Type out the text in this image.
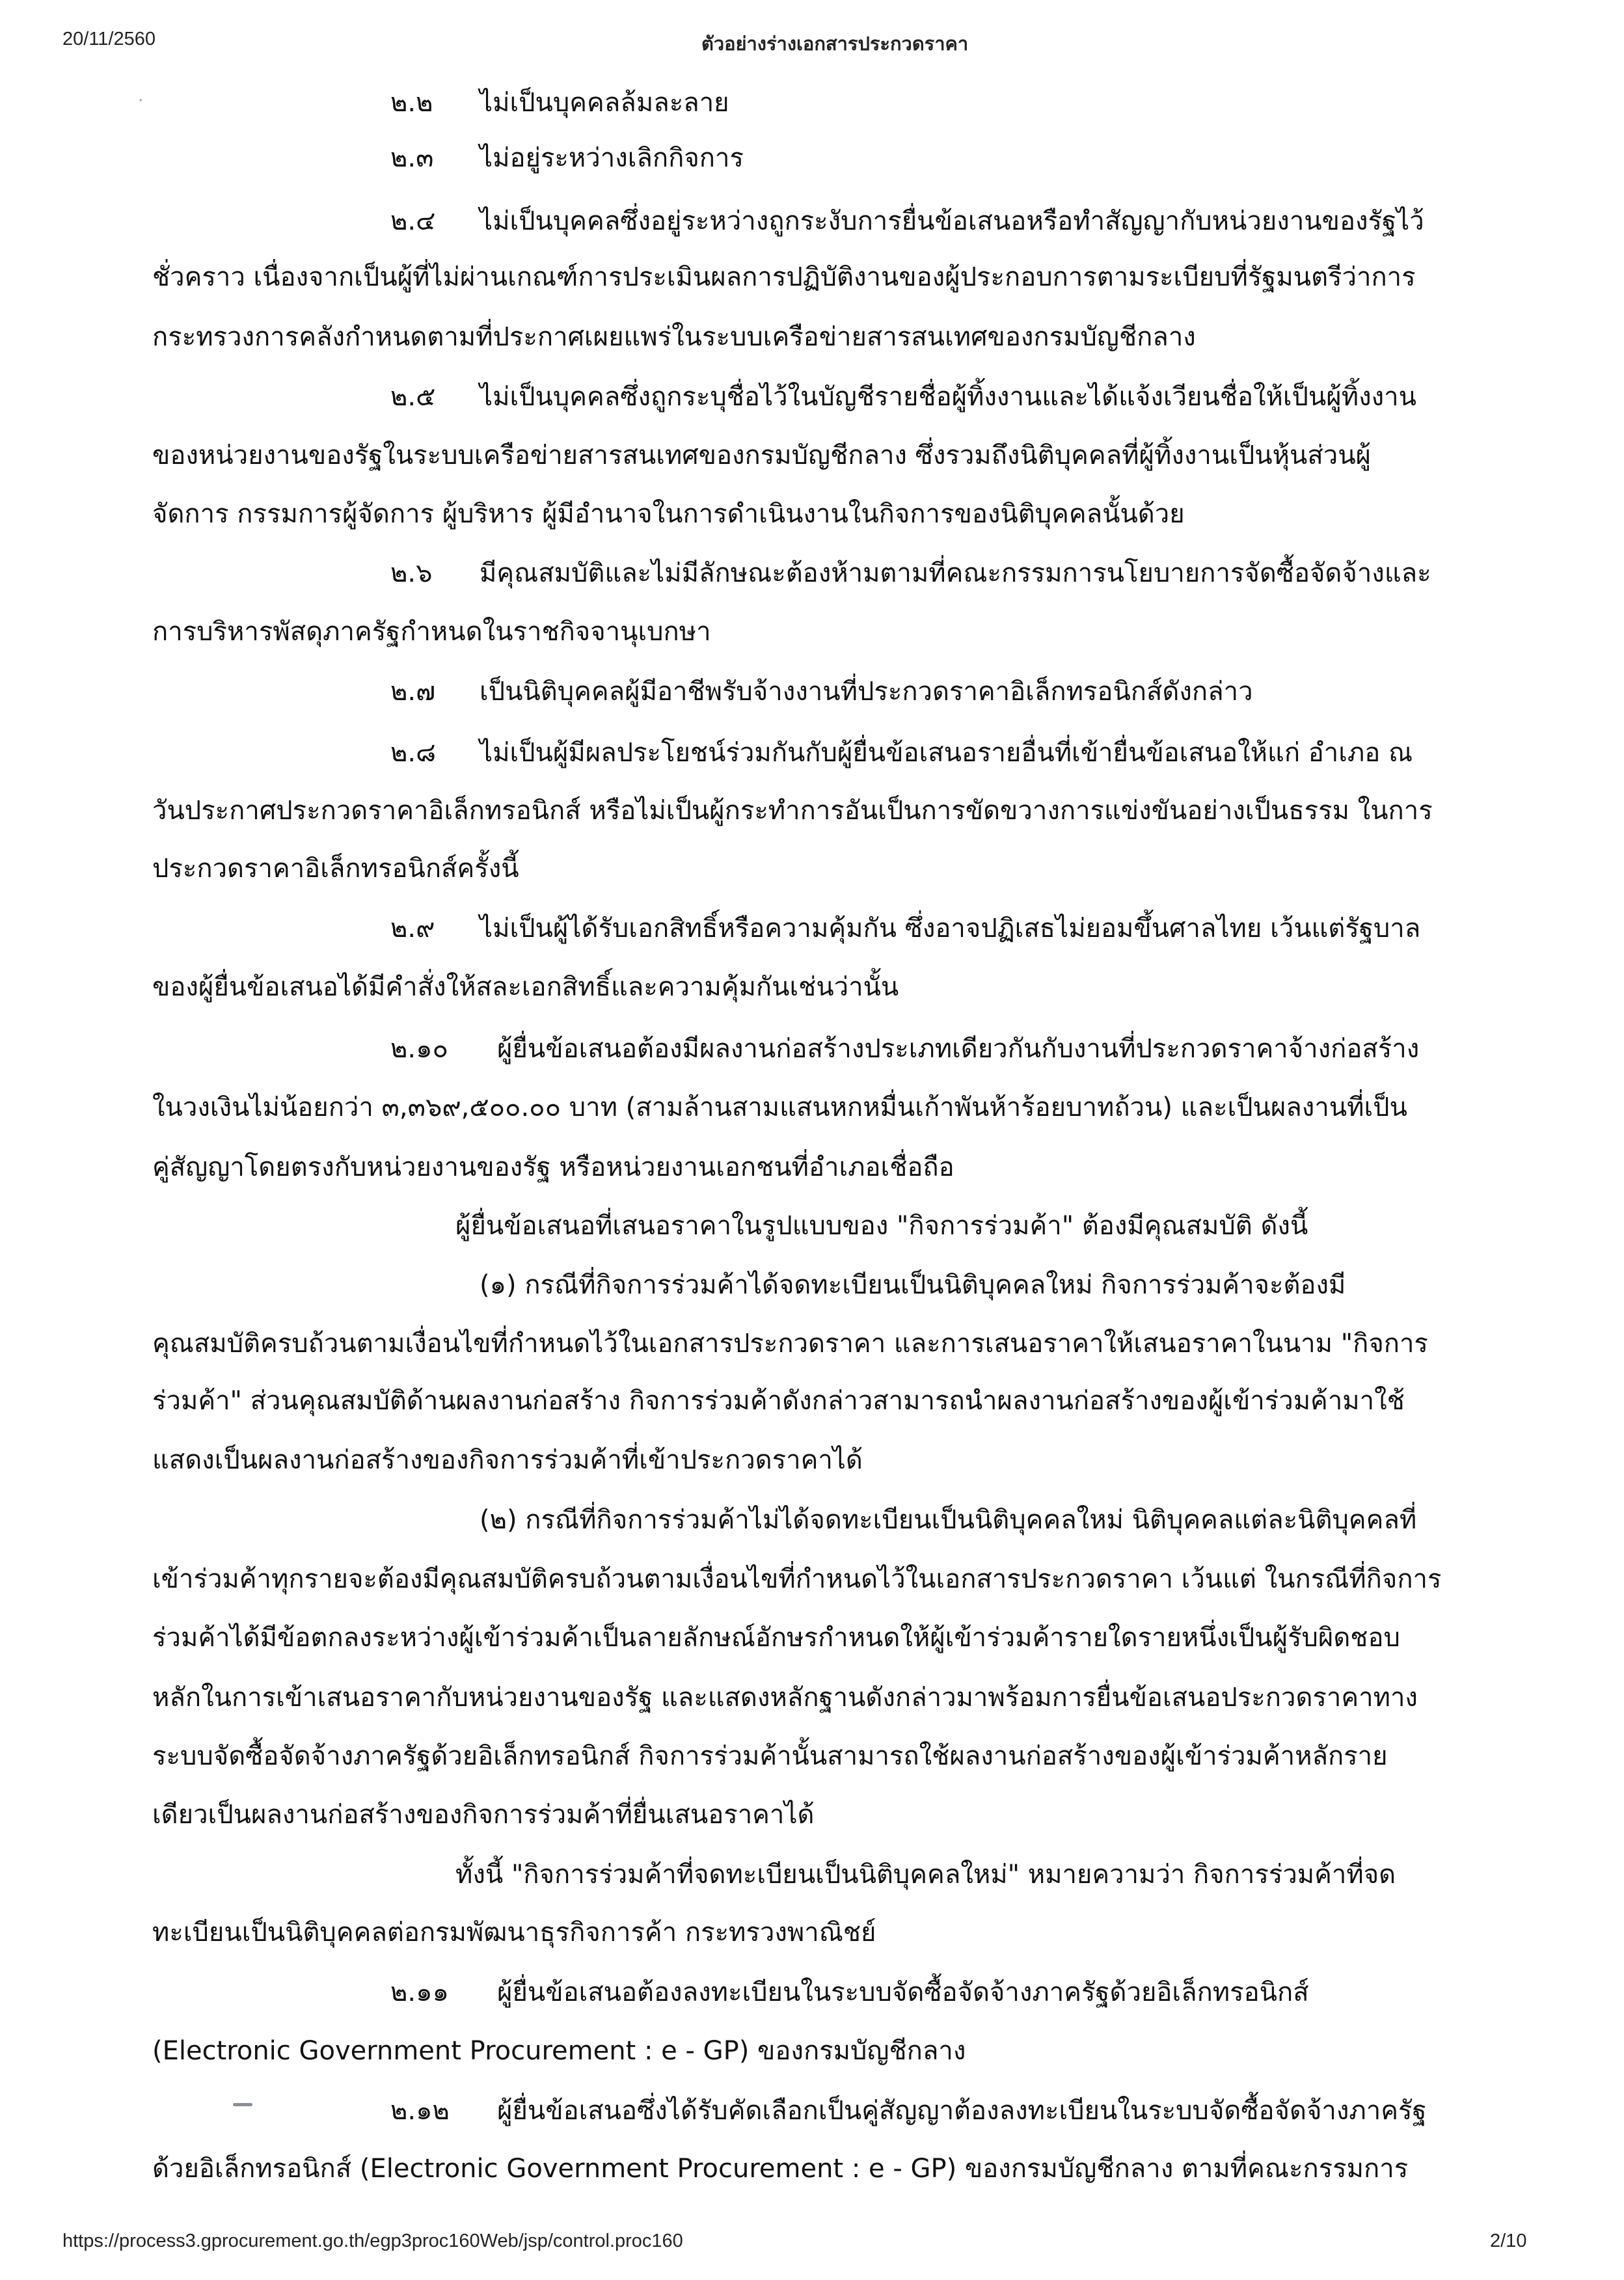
20/11/2560	ตัวอย่างร่างเอกสารประกวดราคา
·	๒.๒ ไม่เป็นบุคคลล้มละลาย
๒.๓ ไม่อยู่ระหว่างเลิกกิจการ
๒.๔ ไม่เป็นบุคคลซึ่งอยู่ระหว่างถูกระงับการยื่นข้อเสนอหรือทำสัญญากับหน่วยงานของรัฐไว้
ชั่วคราว เนื่องจากเป็นผู้ที่ไม่ผ่านเกณฑ์การประเมินผลการปฏิบัติงานของผู้ประกอบการตามระเบียบที่รัฐมนตรีว่าการ
กระทรวงการคลังกำหนดตามที่ประกาศเผยแพร่ในระบบเครือข่ายสารสนเทศของกรมบัญชีกลาง
๒.๕ ไม่เป็นบุคคลซึ่งถูกระบุชื่อไว้ในบัญชีรายชื่อผู้ทิ้งงานและได้แจ้งเวียนชื่อให้เป็นผู้ทิ้งงาน
ของหน่วยงานของรัฐในระบบเครือข่ายสารสนเทศของกรมบัญชีกลาง ซึ่งรวมถึงนิติบุคคลที่ผู้ทิ้งงานเป็นหุ้นส่วนผู้
จัดการ กรรมการผู้จัดการ ผู้บริหาร ผู้มีอำนาจในการดำเนินงานในกิจการของนิติบุคคลนั้นด้วย
๒.๖ มีคุณสมบัติและไม่มีลักษณะต้องห้ามตามที่คณะกรรมการนโยบายการจัดซื้อจัดจ้างและ
การบริหารพัสดุภาครัฐกำหนดในราชกิจจานุเบกษา
๒.๗ เป็นนิติบุคคลผู้มีอาชีพรับจ้างงานที่ประกวดราคาอิเล็กทรอนิกส์ดังกล่าว
๒.๘ ไม่เป็นผู้มีผลประโยชน์ร่วมกันกับผู้ยื่นข้อเสนอรายอื่นที่เข้ายื่นข้อเสนอให้แก่ อำเภอ ณ
วันประกาศประกวดราคาอิเล็กทรอนิกส์ หรือไม่เป็นผู้กระทำการอันเป็นการขัดขวางการแข่งขันอย่างเป็นธรรม ในการ
ประกวดราคาอิเล็กทรอนิกส์ครั้งนี้
๒.๙ ไม่เป็นผู้ได้รับเอกสิทธิ์หรือความคุ้มกัน ซึ่งอาจปฏิเสธไม่ยอมขึ้นศาลไทย เว้นแต่รัฐบาล
ของผู้ยื่นข้อเสนอได้มีคำสั่งให้สละเอกสิทธิ์และความคุ้มกันเช่นว่านั้น
๒.๑๐ ผู้ยื่นข้อเสนอต้องมีผลงานก่อสร้างประเภทเดียวกันกับงานที่ประกวดราคาจ้างก่อสร้าง
ในวงเงินไม่น้อยกว่า ๓,๓๖๙,๕๐๐.๐๐ บาท (สามล้านสามแสนหกหมื่นเก้าพันห้าร้อยบาทถ้วน) และเป็นผลงานที่เป็น
คู่สัญญาโดยตรงกับหน่วยงานของรัฐ หรือหน่วยงานเอกชนที่อำเภอเชื่อถือ
ผู้ยื่นข้อเสนอที่เสนอราคาในรูปแบบของ "กิจการร่วมค้า" ต้องมีคุณสมบัติ ดังนี้
(๑) กรณีที่กิจการร่วมค้าได้จดทะเบียนเป็นนิติบุคคลใหม่ กิจการร่วมค้าจะต้องมี
คุณสมบัติครบถ้วนตามเงื่อนไขที่กำหนดไว้ในเอกสารประกวดราคา และการเสนอราคาให้เสนอราคาในนาม "กิจการ
ร่วมค้า" ส่วนคุณสมบัติด้านผลงานก่อสร้าง กิจการร่วมค้าดังกล่าวสามารถนำผลงานก่อสร้างของผู้เข้าร่วมค้ามาใช้
แสดงเป็นผลงานก่อสร้างของกิจการร่วมค้าที่เข้าประกวดราคาได้
(๒) กรณีที่กิจการร่วมค้าไม่ได้จดทะเบียนเป็นนิติบุคคลใหม่ นิติบุคคลแต่ละนิติบุคคลที่
เข้าร่วมค้าทุกรายจะต้องมีคุณสมบัติครบถ้วนตามเงื่อนไขที่กำหนดไว้ในเอกสารประกวดราคา เว้นแต่ ในกรณีที่กิจการ
ร่วมค้าได้มีข้อตกลงระหว่างผู้เข้าร่วมค้าเป็นลายลักษณ์อักษรกำหนดให้ผู้เข้าร่วมค้ารายใดรายหนึ่งเป็นผู้รับผิดชอบ
หลักในการเข้าเสนอราคากับหน่วยงานของรัฐ และแสดงหลักฐานดังกล่าวมาพร้อมการยื่นข้อเสนอประกวดราคาทาง
ระบบจัดซื้อจัดจ้างภาครัฐด้วยอิเล็กทรอนิกส์ กิจการร่วมค้านั้นสามารถใช้ผลงานก่อสร้างของผู้เข้าร่วมค้าหลักราย
เดียวเป็นผลงานก่อสร้างของกิจการร่วมค้าที่ยื่นเสนอราคาได้
ทั้งนี้ "กิจการร่วมค้าที่จดทะเบียนเป็นนิติบุคคลใหม่" หมายความว่า กิจการร่วมค้าที่จด
ทะเบียนเป็นนิติบุคคลต่อกรมพัฒนาธุรกิจการค้า กระทรวงพาณิชย์
๒.๑๑ ผู้ยื่นข้อเสนอต้องลงทะเบียนในระบบจัดซื้อจัดจ้างภาครัฐด้วยอิเล็กทรอนิกส์
(Electronic Government Procurement : e - GP) ของกรมบัญชีกลาง
๒.๑๒ ผู้ยื่นข้อเสนอซึ่งได้รับคัดเลือกเป็นคู่สัญญาต้องลงทะเบียนในระบบจัดซื้อจัดจ้างภาครัฐ
ด้วยอิเล็กทรอนิกส์ (Electronic Government Procurement : e - GP) ของกรมบัญชีกลาง ตามที่คณะกรรมการ
https://process3.gprocurement.go.th/egp3proc160Web/jsp/control.proc160	2/10
